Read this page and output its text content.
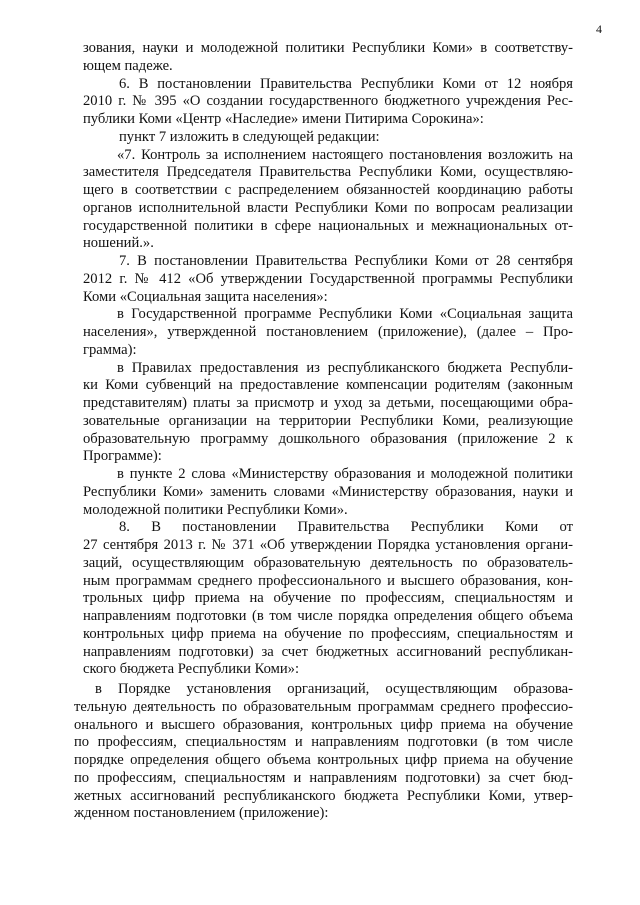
4
зования, науки и молодежной политики Республики Коми» в соответству-
ющем падеже.
6. В постановлении Правительства Республики Коми от 12 ноября
2010 г. № 395 «О создании государственного бюджетного учреждения Рес-
публики Коми «Центр «Наследие» имени Питирима Сорокина»:
пункт 7 изложить в следующей редакции:
«7. Контроль за исполнением настоящего постановления возложить на
заместителя Председателя Правительства Республики Коми, осуществляю-
щего в соответствии с распределением обязанностей координацию работы
органов исполнительной власти Республики Коми по вопросам реализации
государственной политики в сфере национальных и межнациональных от-
ношений.».
7. В постановлении Правительства Республики Коми от 28 сентября
2012 г. № 412 «Об утверждении Государственной программы Республики
Коми «Социальная защита населения»:
в Государственной программе Республики Коми «Социальная защита
населения», утвержденной постановлением (приложение), (далее – Про-
грамма):
в Правилах предоставления из республиканского бюджета Республи-
ки Коми субвенций на предоставление компенсации родителям (законным
представителям) платы за присмотр и уход за детьми, посещающими обра-
зовательные организации на территории Республики Коми, реализующие
образовательную программу дошкольного образования (приложение 2 к
Программе):
в пункте 2 слова «Министерству образования и молодежной политики
Республики Коми» заменить словами «Министерству образования, науки и
молодежной политики Республики Коми».
8. В постановлении Правительства Республики Коми от
27 сентября 2013 г. № 371 «Об утверждении Порядка установления органи-
заций, осуществляющим образовательную деятельность по образователь-
ным программам среднего профессионального и высшего образования, кон-
трольных цифр приема на обучение по профессиям, специальностям и
направлениям подготовки (в том числе порядка определения общего объема
контрольных цифр приема на обучение по профессиям, специальностям и
направлениям подготовки) за счет бюджетных ассигнований республикан-
ского бюджета Республики Коми»:
в Порядке установления организаций, осуществляющим образова-
тельную деятельность по образовательным программам среднего профессио-
онального и высшего образования, контрольных цифр приема на обучение
по профессиям, специальностям и направлениям подготовки (в том числе
порядке определения общего объема контрольных цифр приема на обучение
по профессиям, специальностям и направлениям подготовки) за счет бюд-
жетных ассигнований республиканского бюджета Республики Коми, утвер-
жденном постановлением (приложение):
